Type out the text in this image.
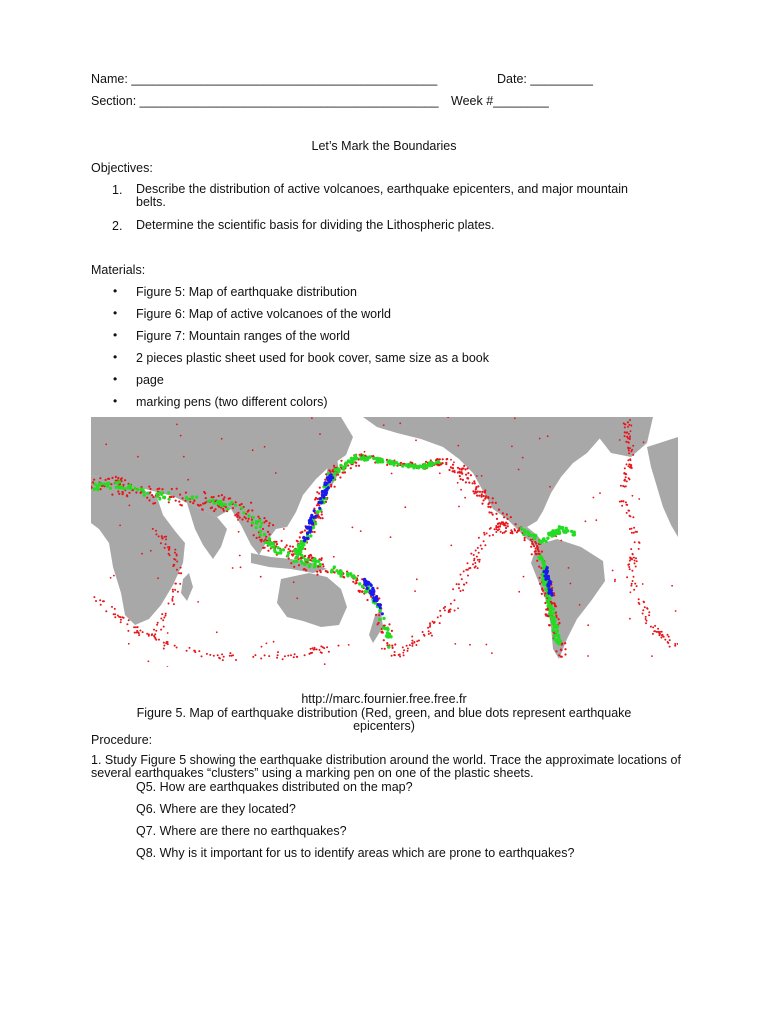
Name: ____________________________________________	Date: _________
Section: ___________________________________________ Week #________
Let’s Mark the Boundaries
Objectives:
1. Describe the distribution of active volcanoes, earthquake epicenters, and major mountain belts.
2. Determine the scientific basis for dividing the Lithospheric plates.
Materials:
• Figure 5: Map of earthquake distribution
• Figure 6: Map of active volcanoes of the world
• Figure 7: Mountain ranges of the world
• 2 pieces plastic sheet used for book cover, same size as a book
• page
• marking pens (two different colors)
http://marc.fournier.free.free.fr
Figure 5. Map of earthquake distribution (Red, green, and blue dots represent earthquake
epicenters)
Procedure:
1. Study Figure 5 showing the earthquake distribution around the world. Trace the approximate locations of several earthquakes “clusters” using a marking pen on one of the plastic sheets.
Q5. How are earthquakes distributed on the map?
Q6. Where are they located?
Q7. Where are there no earthquakes?
Q8. Why is it important for us to identify areas which are prone to earthquakes?
